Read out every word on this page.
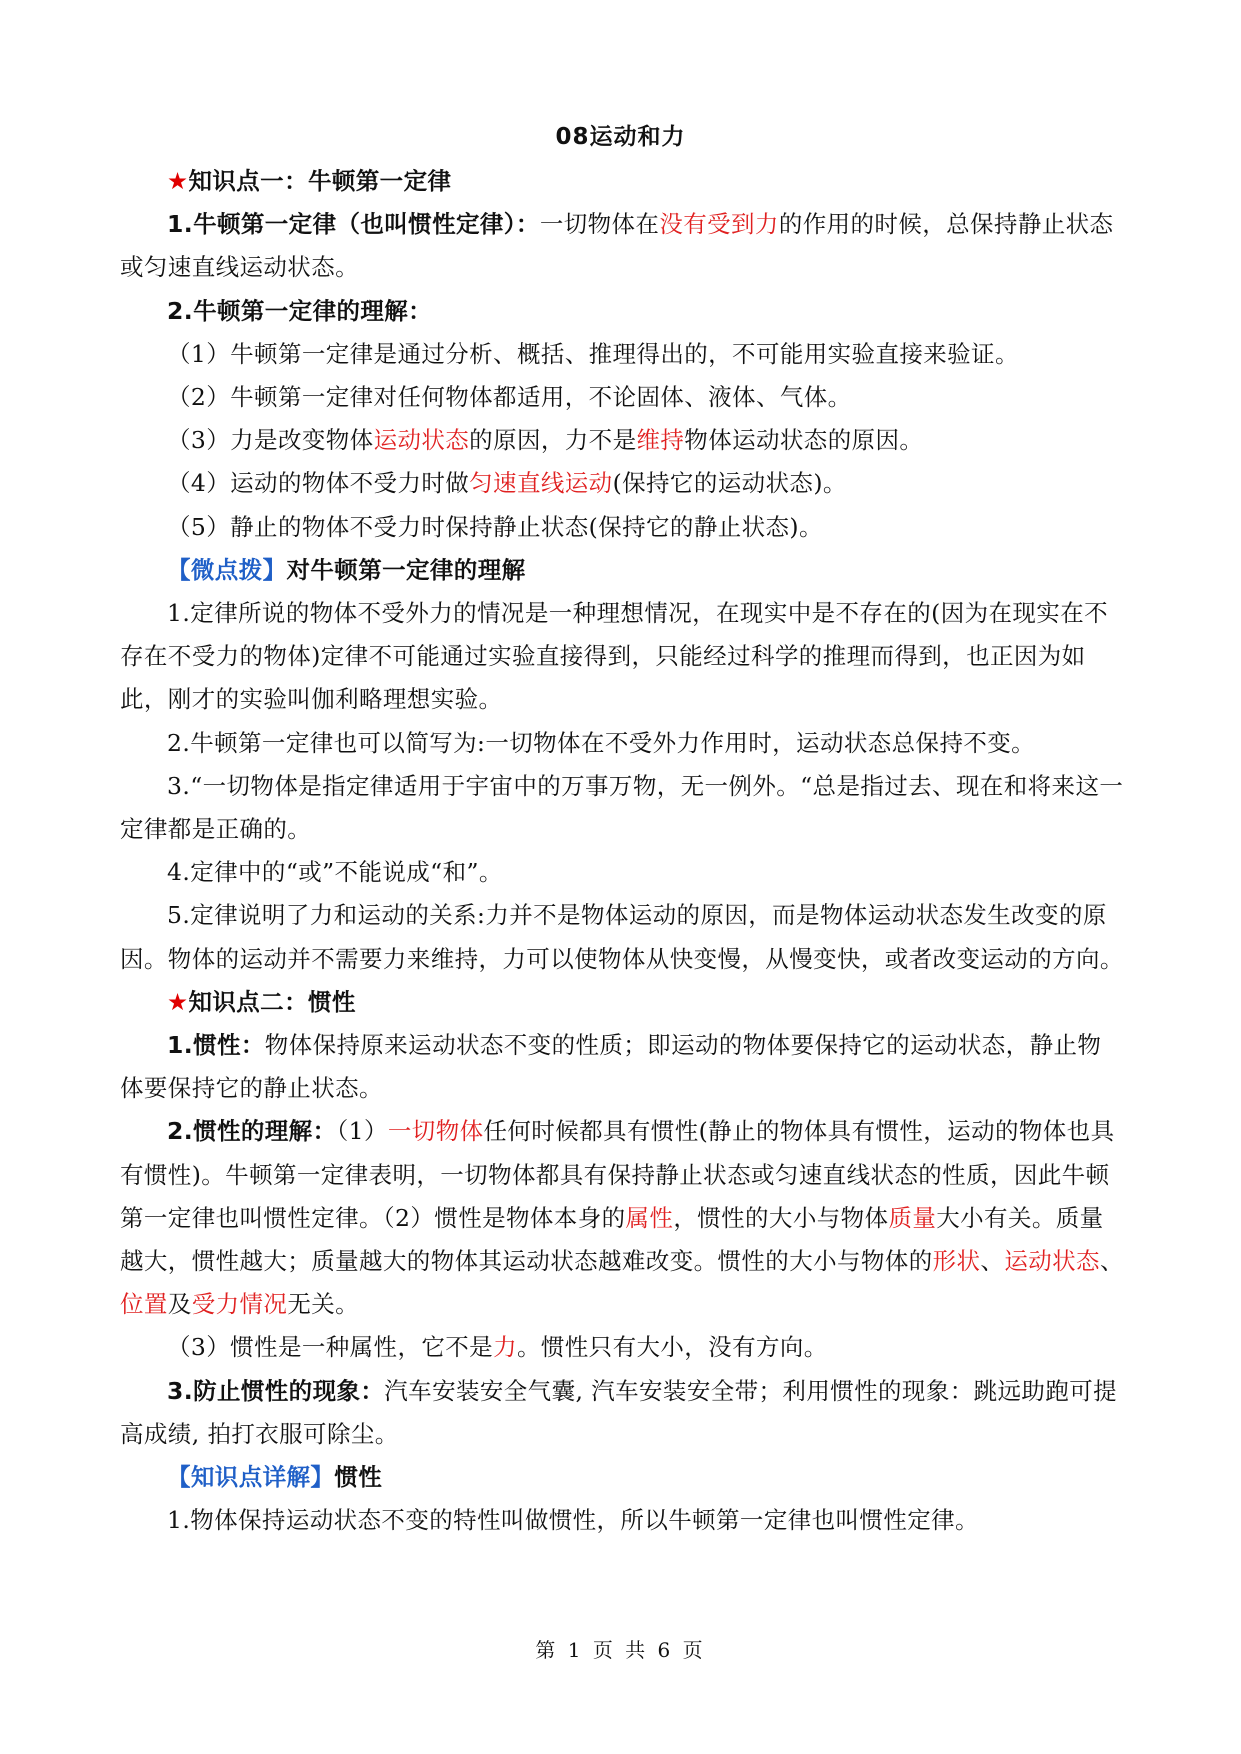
08运动和力

★知识点一：牛顿第一定律

1.牛顿第一定律（也叫惯性定律）：一切物体在没有受到力的作用的时候，总保持静止状态或匀速直线运动状态。

2.牛顿第一定律的理解：

（1）牛顿第一定律是通过分析、概括、推理得出的，不可能用实验直接来验证。

（2）牛顿第一定律对任何物体都适用，不论固体、液体、气体。

（3）力是改变物体运动状态的原因，力不是维持物体运动状态的原因。

（4）运动的物体不受力时做匀速直线运动(保持它的运动状态)。

（5）静止的物体不受力时保持静止状态(保持它的静止状态)。

【微点拨】对牛顿第一定律的理解

1.定律所说的物体不受外力的情况是一种理想情况，在现实中是不存在的(因为在现实在不存在不受力的物体)定律不可能通过实验直接得到，只能经过科学的推理而得到，也正因为如此，刚才的实验叫伽利略理想实验。

2.牛顿第一定律也可以简写为:一切物体在不受外力作用时，运动状态总保持不变。

3.“一切物体是指定律适用于宇宙中的万事万物，无一例外。“总是指过去、现在和将来这一定律都是正确的。

4.定律中的“或”不能说成“和”。

5.定律说明了力和运动的关系:力并不是物体运动的原因，而是物体运动状态发生改变的原因。物体的运动并不需要力来维持，力可以使物体从快变慢，从慢变快，或者改变运动的方向。

★知识点二：惯性

1.惯性：物体保持原来运动状态不变的性质；即运动的物体要保持它的运动状态，静止物体要保持它的静止状态。

2.惯性的理解：（1）一切物体任何时候都具有惯性(静止的物体具有惯性，运动的物体也具有惯性)。牛顿第一定律表明，一切物体都具有保持静止状态或匀速直线状态的性质，因此牛顿第一定律也叫惯性定律。（2）惯性是物体本身的属性，惯性的大小与物体质量大小有关。质量越大，惯性越大；质量越大的物体其运动状态越难改变。惯性的大小与物体的形状、运动状态、位置及受力情况无关。

（3）惯性是一种属性，它不是力。惯性只有大小，没有方向。

3.防止惯性的现象：汽车安装安全气囊, 汽车安装安全带；利用惯性的现象：跳远助跑可提高成绩, 拍打衣服可除尘。

【知识点详解】惯性

1.物体保持运动状态不变的特性叫做惯性，所以牛顿第一定律也叫惯性定律。

第 1 页 共 6 页
